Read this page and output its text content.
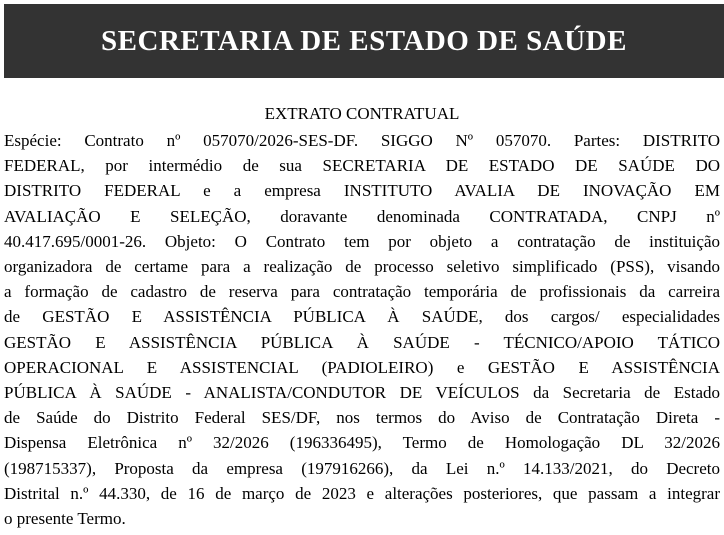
SECRETARIA DE ESTADO DE SAÚDE
EXTRATO CONTRATUAL
Espécie: Contrato nº 057070/2026-SES-DF. SIGGO Nº 057070. Partes: DISTRITO
FEDERAL, por intermédio de sua SECRETARIA DE ESTADO DE SAÚDE DO
DISTRITO FEDERAL e a empresa INSTITUTO AVALIA DE INOVAÇÃO EM
AVALIAÇÃO E SELEÇÃO, doravante denominada CONTRATADA, CNPJ nº
40.417.695/0001-26. Objeto: O Contrato tem por objeto a contratação de instituição
organizadora de certame para a realização de processo seletivo simplificado (PSS), visando
a formação de cadastro de reserva para contratação temporária de profissionais da carreira
de GESTÃO E ASSISTÊNCIA PÚBLICA À SAÚDE, dos cargos/ especialidades
GESTÃO E ASSISTÊNCIA PÚBLICA À SAÚDE - TÉCNICO/APOIO TÁTICO
OPERACIONAL E ASSISTENCIAL (PADIOLEIRO) e GESTÃO E ASSISTÊNCIA
PÚBLICA À SAÚDE - ANALISTA/CONDUTOR DE VEÍCULOS da Secretaria de Estado
de Saúde do Distrito Federal SES/DF, nos termos do Aviso de Contratação Direta -
Dispensa Eletrônica nº 32/2026 (196336495), Termo de Homologação DL 32/2026
(198715337), Proposta da empresa (197916266), da Lei n.º 14.133/2021, do Decreto
Distrital n.º 44.330, de 16 de março de 2023 e alterações posteriores, que passam a integrar
o presente Termo.
